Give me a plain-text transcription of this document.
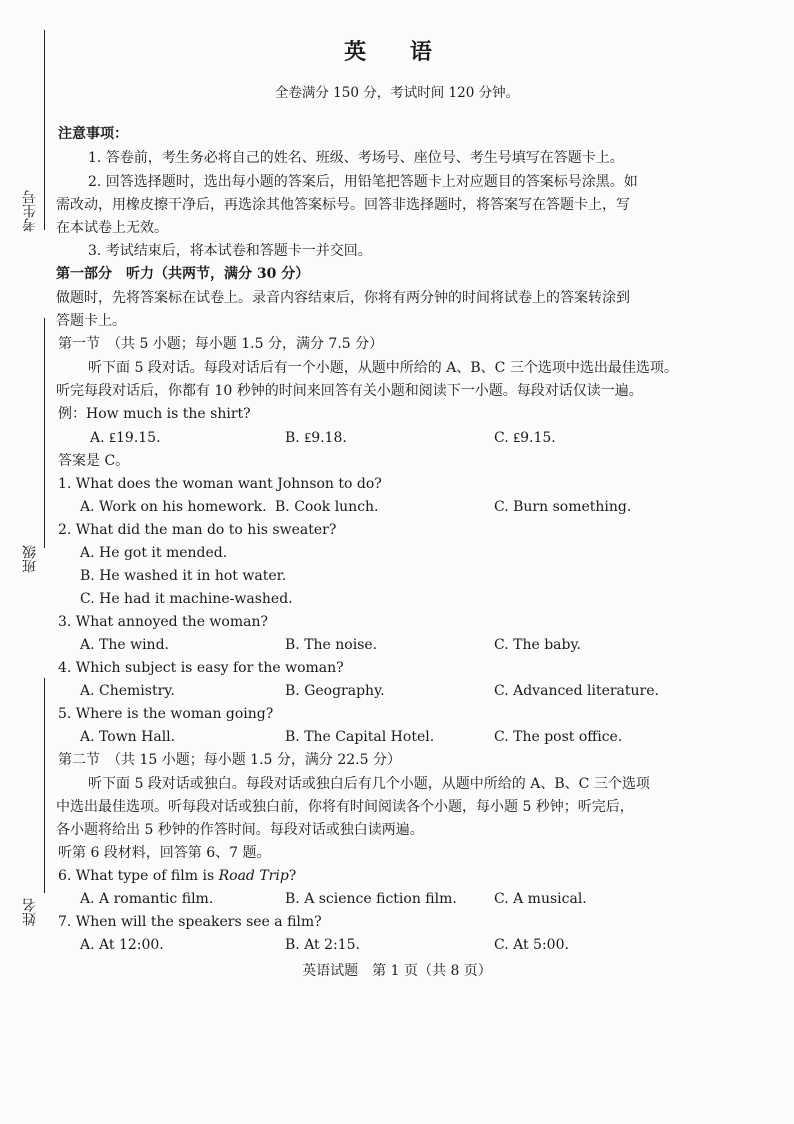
考生号
班级
姓名
英 语
全卷满分 150 分，考试时间 120 分钟。
注意事项：
1. 答卷前，考生务必将自己的姓名、班级、考场号、座位号、考生号填写在答题卡上。
2. 回答选择题时，选出每小题的答案后，用铅笔把答题卡上对应题目的答案标号涂黑。如
需改动，用橡皮擦干净后，再选涂其他答案标号。回答非选择题时，将答案写在答题卡上，写
在本试卷上无效。
3. 考试结束后，将本试卷和答题卡一并交回。
第一部分　听力（共两节，满分 30 分）
做题时，先将答案标在试卷上。录音内容结束后，你将有两分钟的时间将试卷上的答案转涂到
答题卡上。
第一节　（共 5 小题；每小题 1.5 分，满分 7.5 分）
听下面 5 段对话。每段对话后有一个小题，从题中所给的 A、B、C 三个选项中选出最佳选项。
听完每段对话后，你都有 10 秒钟的时间来回答有关小题和阅读下一小题。每段对话仅读一遍。
例：How much is the shirt?
A. ₤19.15.	B. ₤9.18.	C. ₤9.15.
答案是 C。
1. What does the woman want Johnson to do?
A. Work on his homework. B. Cook lunch.	C. Burn something.
2. What did the man do to his sweater?
A. He got it mended.
B. He washed it in hot water.
C. He had it machine-washed.
3. What annoyed the woman?
A. The wind.	B. The noise.	C. The baby.
4. Which subject is easy for the woman?
A. Chemistry.	B. Geography.	C. Advanced literature.
5. Where is the woman going?
A. Town Hall.	B. The Capital Hotel.	C. The post office.
第二节　（共 15 小题；每小题 1.5 分，满分 22.5 分）
听下面 5 段对话或独白。每段对话或独白后有几个小题，从题中所给的 A、B、C 三个选项
中选出最佳选项。听每段对话或独白前，你将有时间阅读各个小题，每小题 5 秒钟；听完后，
各小题将给出 5 秒钟的作答时间。每段对话或独白读两遍。
听第 6 段材料，回答第 6、7 题。
6. What type of film is Road Trip?
A. A romantic film.	B. A science fiction film.	C. A musical.
7. When will the speakers see a film?
A. At 12:00.	B. At 2:15.	C. At 5:00.
英语试题　第 1 页（共 8 页）
